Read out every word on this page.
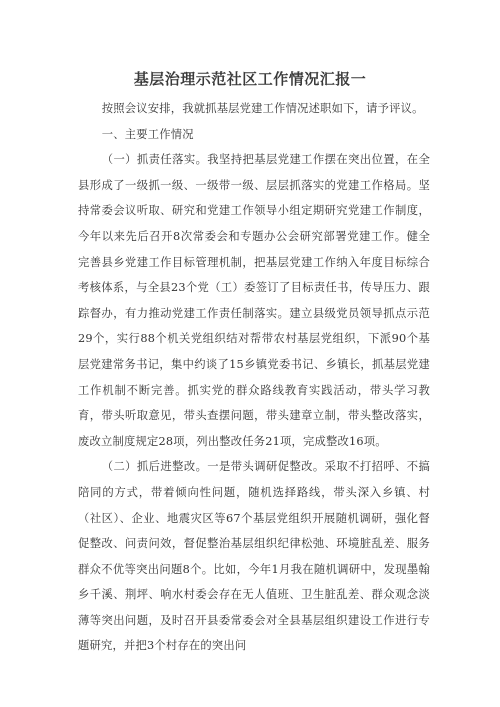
基层治理示范社区工作情况汇报一

按照会议安排，我就抓基层党建工作情况述职如下，请予评议。

一、主要工作情况

（一）抓责任落实。我坚持把基层党建工作摆在突出位置，在全县形成了一级抓一级、一级带一级、层层抓落实的党建工作格局。坚持常委会议听取、研究和党建工作领导小组定期研究党建工作制度，今年以来先后召开8次常委会和专题办公会研究部署党建工作。健全完善县乡党建工作目标管理机制，把基层党建工作纳入年度目标综合考核体系，与全县23个党（工）委签订了目标责任书，传导压力、跟踪督办，有力推动党建工作责任制落实。建立县级党员领导抓点示范29个，实行88个机关党组织结对帮带农村基层党组织，下派90个基层党建常务书记，集中约谈了15乡镇党委书记、乡镇长，抓基层党建工作机制不断完善。抓实党的群众路线教育实践活动，带头学习教育，带头听取意见，带头查摆问题，带头建章立制，带头整改落实，废改立制度规定28项，列出整改任务21项，完成整改16项。

（二）抓后进整改。一是带头调研促整改。采取不打招呼、不搞陪同的方式，带着倾向性问题，随机选择路线，带头深入乡镇、村（社区）、企业、地震灾区等67个基层党组织开展随机调研，强化督促整改、问责问效，督促整治基层组织纪律松弛、环境脏乱差、服务群众不优等突出问题8个。比如，今年1月我在随机调研中，发现墨翰乡千溪、荆坪、响水村委会存在无人值班、卫生脏乱差、群众观念淡薄等突出问题，及时召开县委常委会对全县基层组织建设工作进行专题研究，并把3个村存在的突出问
